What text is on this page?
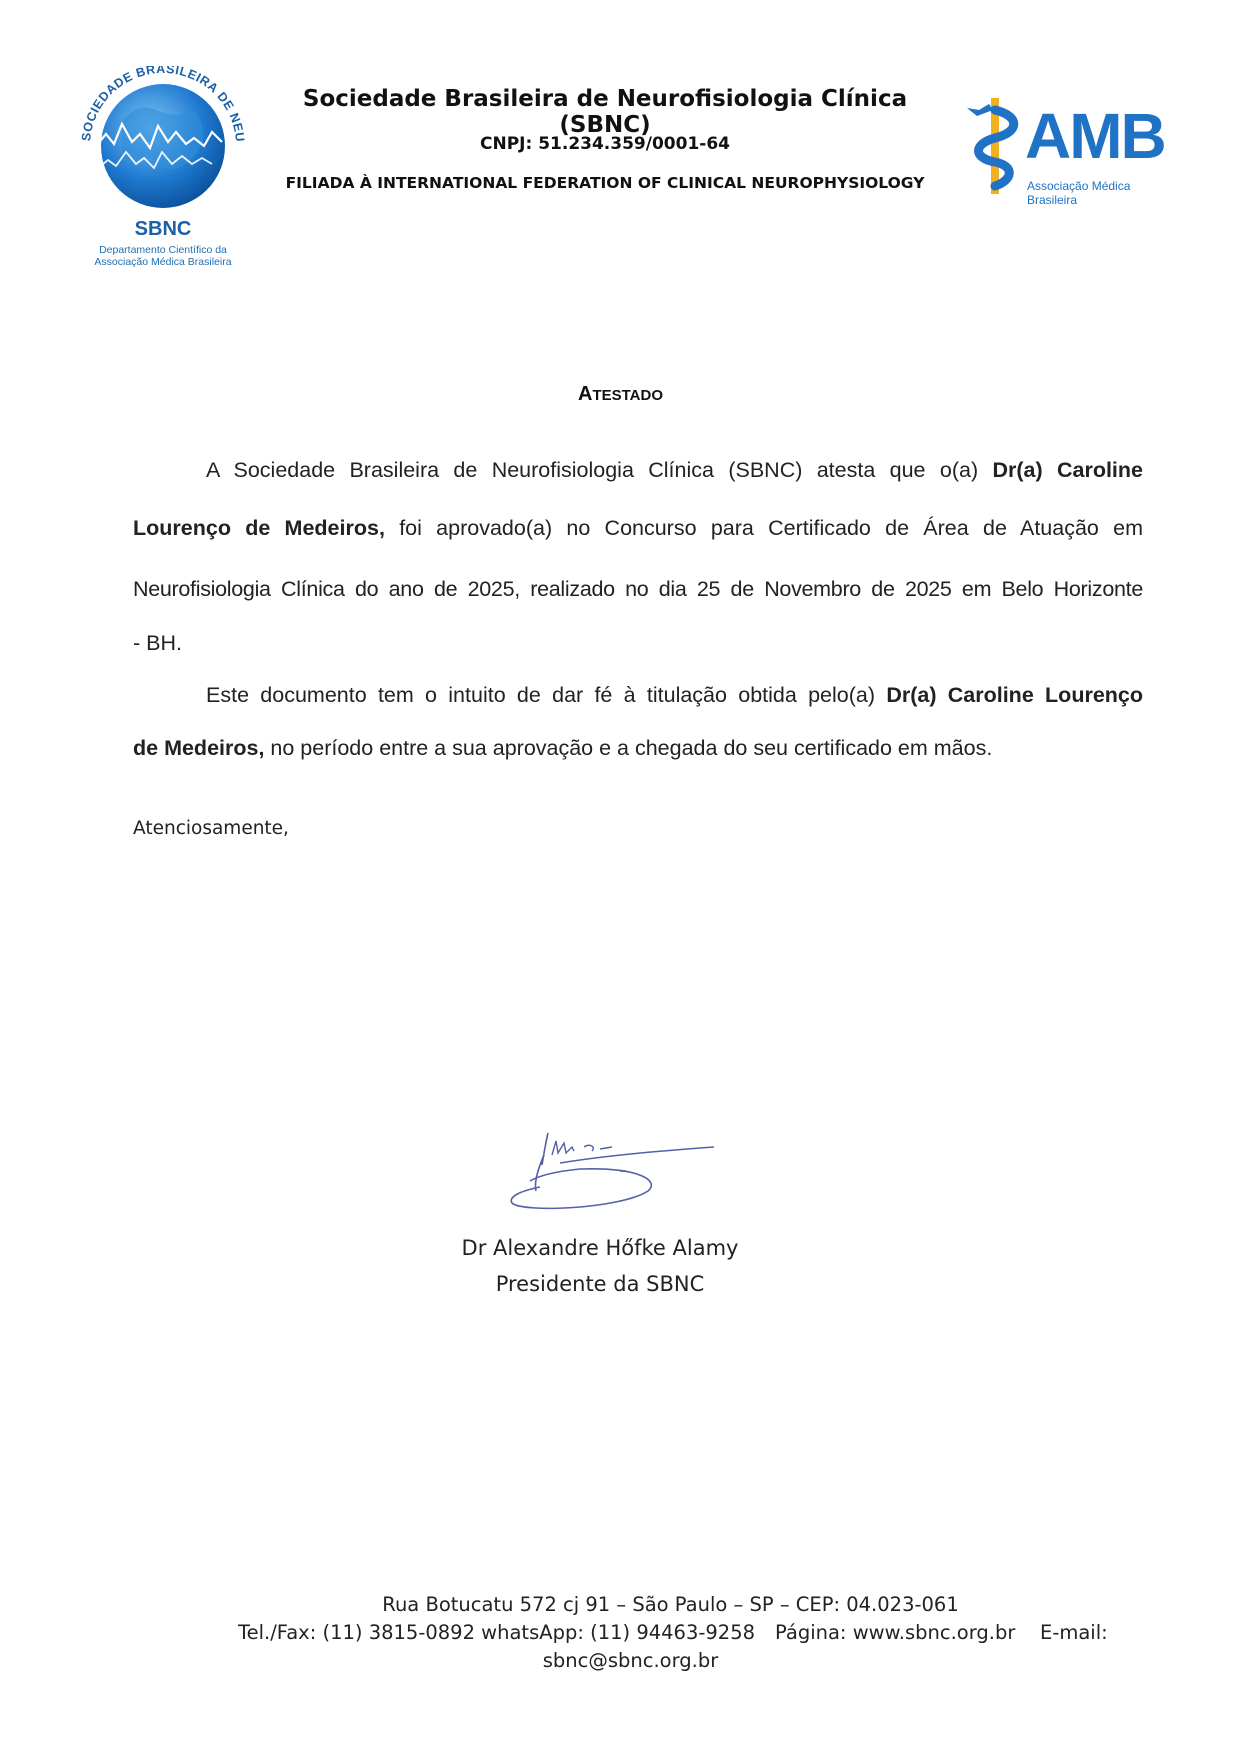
SOCIEDADE BRASILEIRA DE NEU
SBNC
Departamento Científico da
Associação Médica Brasileira
Sociedade Brasileira de Neurofisiologia Clínica (SBNC)
CNPJ: 51.234.359/0001-64
FILIADA À INTERNATIONAL FEDERATION OF CLINICAL NEUROPHYSIOLOGY
AMB
Associação Médica Brasileira
ATESTADO
A Sociedade Brasileira de Neurofisiologia Clínica (SBNC) atesta que o(a) Dr(a) Caroline
Lourenço de Medeiros, foi aprovado(a) no Concurso para Certificado de Área de Atuação em
Neurofisiologia Clínica do ano de 2025, realizado no dia 25 de Novembro de 2025 em Belo Horizonte
- BH.
Este documento tem o intuito de dar fé à titulação obtida pelo(a) Dr(a) Caroline Lourenço
de Medeiros, no período entre a sua aprovação e a chegada do seu certificado em mãos.
Atenciosamente,
Dr Alexandre Hőfke Alamy
Presidente da SBNC
Rua Botucatu 572 cj 91 – São Paulo – SP – CEP: 04.023-061
Tel./Fax: (11) 3815-0892 whatsApp: (11) 94463-9258 Página: www.sbnc.org.br E-mail:
sbnc@sbnc.org.br
